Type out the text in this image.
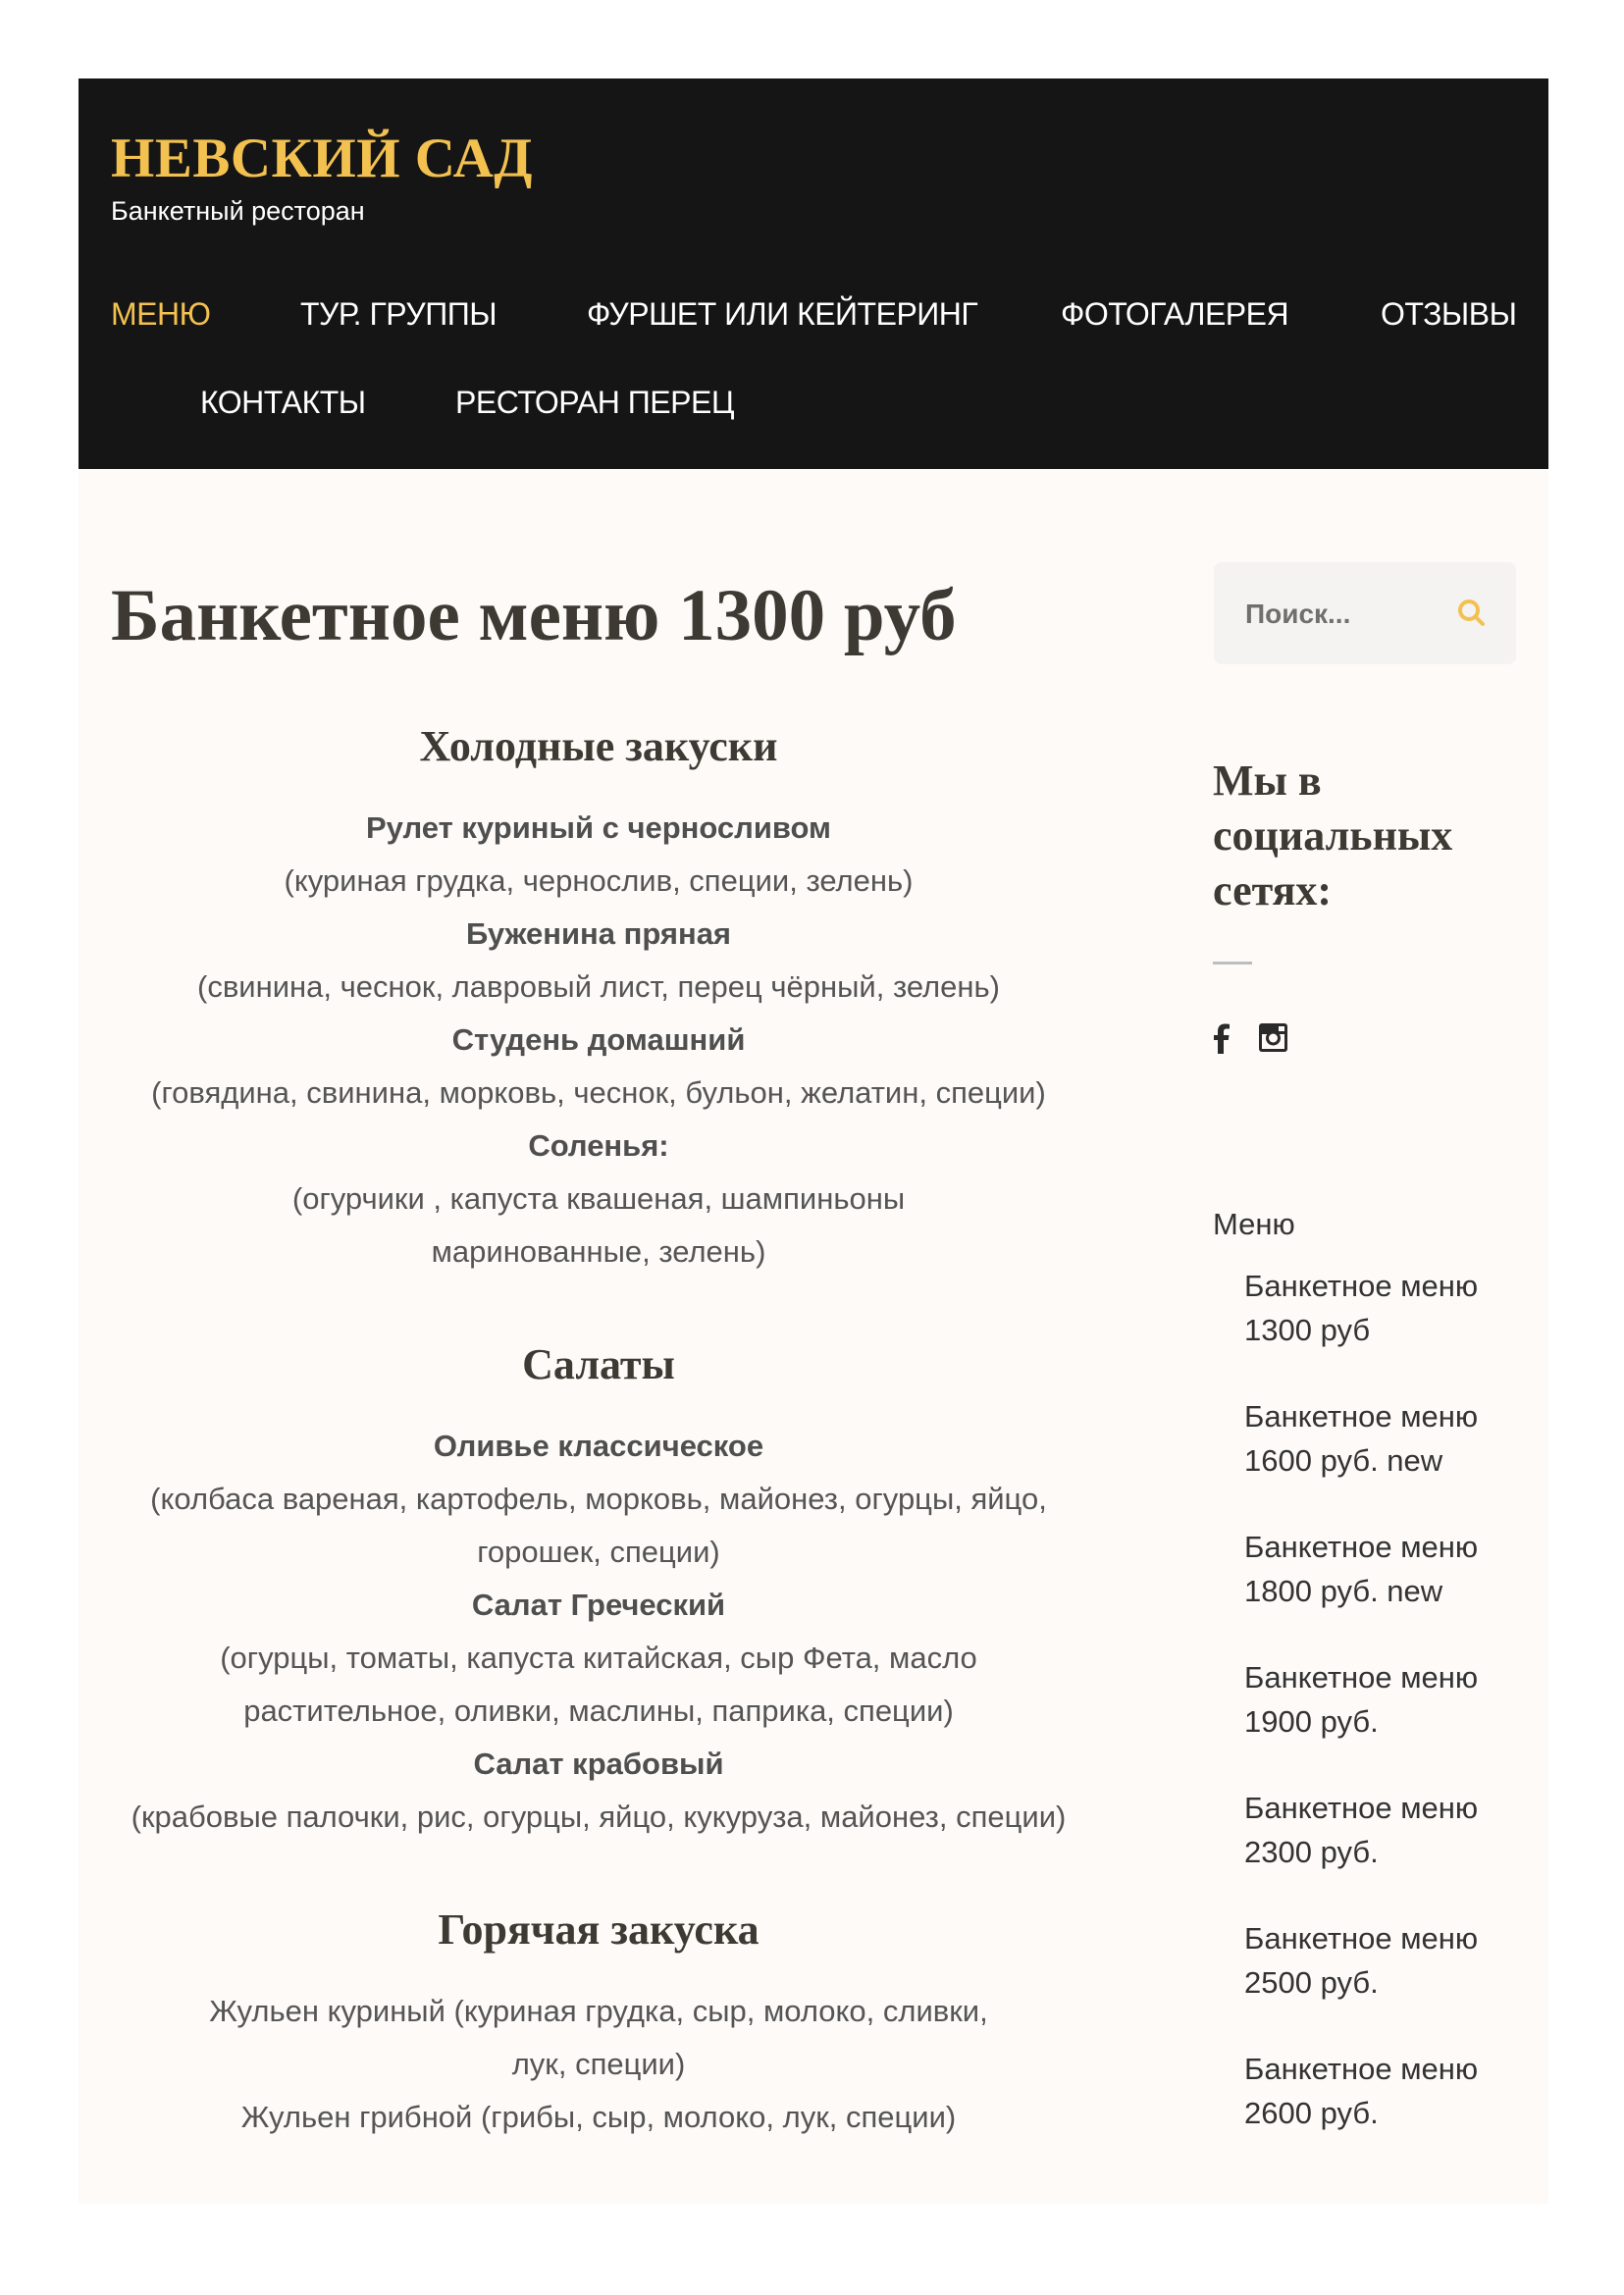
НЕВСКИЙ САД
Банкетный ресторан
МЕНЮ	ТУР. ГРУППЫ	ФУРШЕТ ИЛИ КЕЙТЕРИНГ	ФОТОГАЛЕРЕЯ	ОТЗЫВЫ
КОНТАКТЫ	РЕСТОРАН ПЕРЕЦ
Банкетное меню 1300 руб
Холодные закуски
Рулет куриный с черносливом
(куриная грудка, чернослив, специи, зелень)
Буженина пряная
(свинина, чеснок, лавровый лист, перец чёрный, зелень)
Студень домашний
(говядина, свинина, морковь, чеснок, бульон, желатин, специи)
Соленья:
(огурчики , капуста квашеная, шампиньоны маринованные, зелень)
Салаты
Оливье классическое
(колбаса вареная, картофель, морковь, майонез, огурцы, яйцо, горошек, специи)
Салат Греческий
(огурцы, томаты, капуста китайская, сыр Фета, масло растительное, оливки, маслины, паприка, специи)
Салат крабовый
(крабовые палочки, рис, огурцы, яйцо, кукуруза, майонез, специи)
Горячая закуска
Жульен куриный (куриная грудка, сыр, молоко, сливки, лук, специи)
Жульен грибной (грибы, сыр, молоко, лук, специи)
Поиск...
Мы в социальных сетях:
Меню
Банкетное меню 1300 руб
Банкетное меню 1600 руб. new
Банкетное меню 1800 руб. new
Банкетное меню 1900 руб.
Банкетное меню 2300 руб.
Банкетное меню 2500 руб.
Банкетное меню 2600 руб.
